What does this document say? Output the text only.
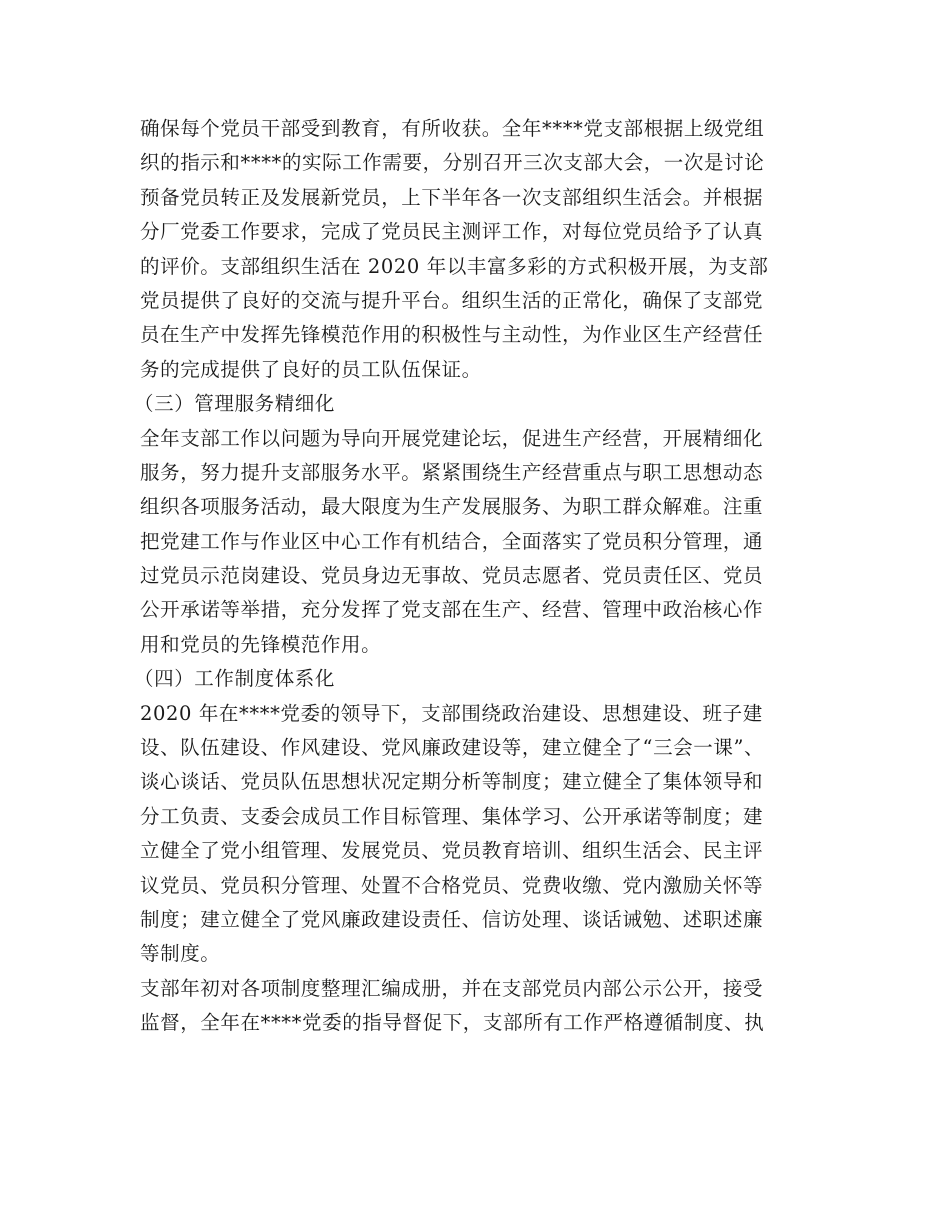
确保每个党员干部受到教育，有所收获。全年****党支部根据上级党组
织的指示和****的实际工作需要，分别召开三次支部大会，一次是讨论
预备党员转正及发展新党员，上下半年各一次支部组织生活会。并根据
分厂党委工作要求，完成了党员民主测评工作，对每位党员给予了认真
的评价。支部组织生活在 2020 年以丰富多彩的方式积极开展，为支部
党员提供了良好的交流与提升平台。组织生活的正常化，确保了支部党
员在生产中发挥先锋模范作用的积极性与主动性，为作业区生产经营任
务的完成提供了良好的员工队伍保证。
（三）管理服务精细化
全年支部工作以问题为导向开展党建论坛，促进生产经营，开展精细化
服务，努力提升支部服务水平。紧紧围绕生产经营重点与职工思想动态
组织各项服务活动，最大限度为生产发展服务、为职工群众解难。注重
把党建工作与作业区中心工作有机结合，全面落实了党员积分管理，通
过党员示范岗建设、党员身边无事故、党员志愿者、党员责任区、党员
公开承诺等举措，充分发挥了党支部在生产、经营、管理中政治核心作
用和党员的先锋模范作用。
（四）工作制度体系化
2020 年在****党委的领导下，支部围绕政治建设、思想建设、班子建
设、队伍建设、作风建设、党风廉政建设等，建立健全了“三会一课”、
谈心谈话、党员队伍思想状况定期分析等制度；建立健全了集体领导和
分工负责、支委会成员工作目标管理、集体学习、公开承诺等制度；建
立健全了党小组管理、发展党员、党员教育培训、组织生活会、民主评
议党员、党员积分管理、处置不合格党员、党费收缴、党内激励关怀等
制度；建立健全了党风廉政建设责任、信访处理、谈话诫勉、述职述廉
等制度。
支部年初对各项制度整理汇编成册，并在支部党员内部公示公开，接受
监督，全年在****党委的指导督促下，支部所有工作严格遵循制度、执
